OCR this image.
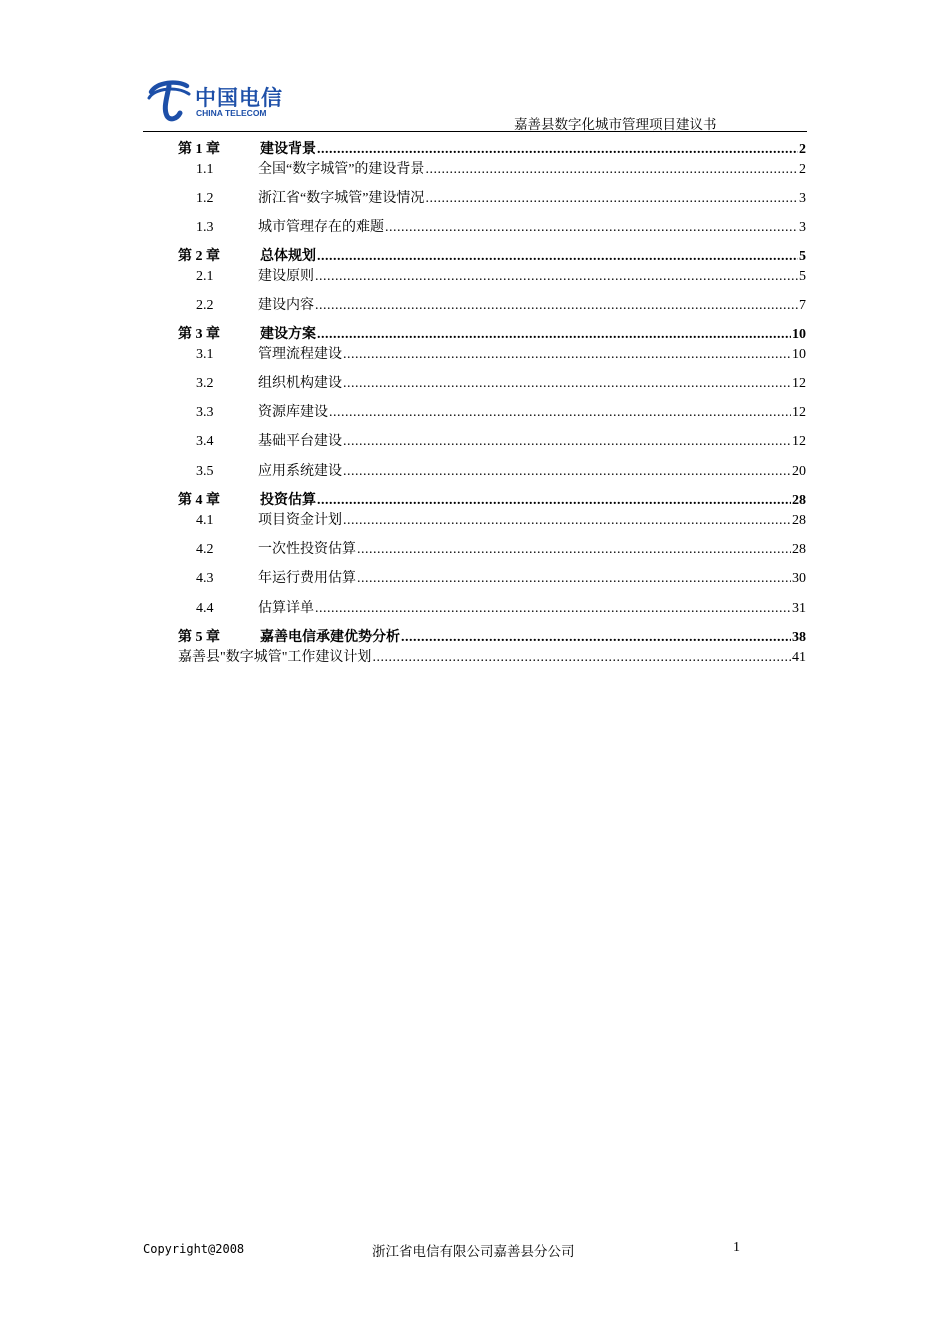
中国电信
CHINA TELECOM
嘉善县数字化城市管理项目建议书
第 1 章	建设背景 .....	2
1.1	全国“数字城管”的建设背景 .....	2
1.2	浙江省“数字城管”建设情况 .....	3
1.3	城市管理存在的难题 .....	3
第 2 章	总体规划 .....	5
2.1	建设原则 .....	5
2.2	建设内容 .....	7
第 3 章	建设方案 .....	10
3.1	管理流程建设 .....	10
3.2	组织机构建设 .....	12
3.3	资源库建设 .....	12
3.4	基础平台建设 .....	12
3.5	应用系统建设 .....	20
第 4 章	投资估算 .....	28
4.1	项目资金计划 .....	28
4.2	一次性投资估算 .....	28
4.3	年运行费用估算 .....	30
4.4	估算详单 .....	31
第 5 章	嘉善电信承建优势分析 .....	38
嘉善县"数字城管"工作建议计划 .....	41
Copyright@2008	浙江省电信有限公司嘉善县分公司	1
